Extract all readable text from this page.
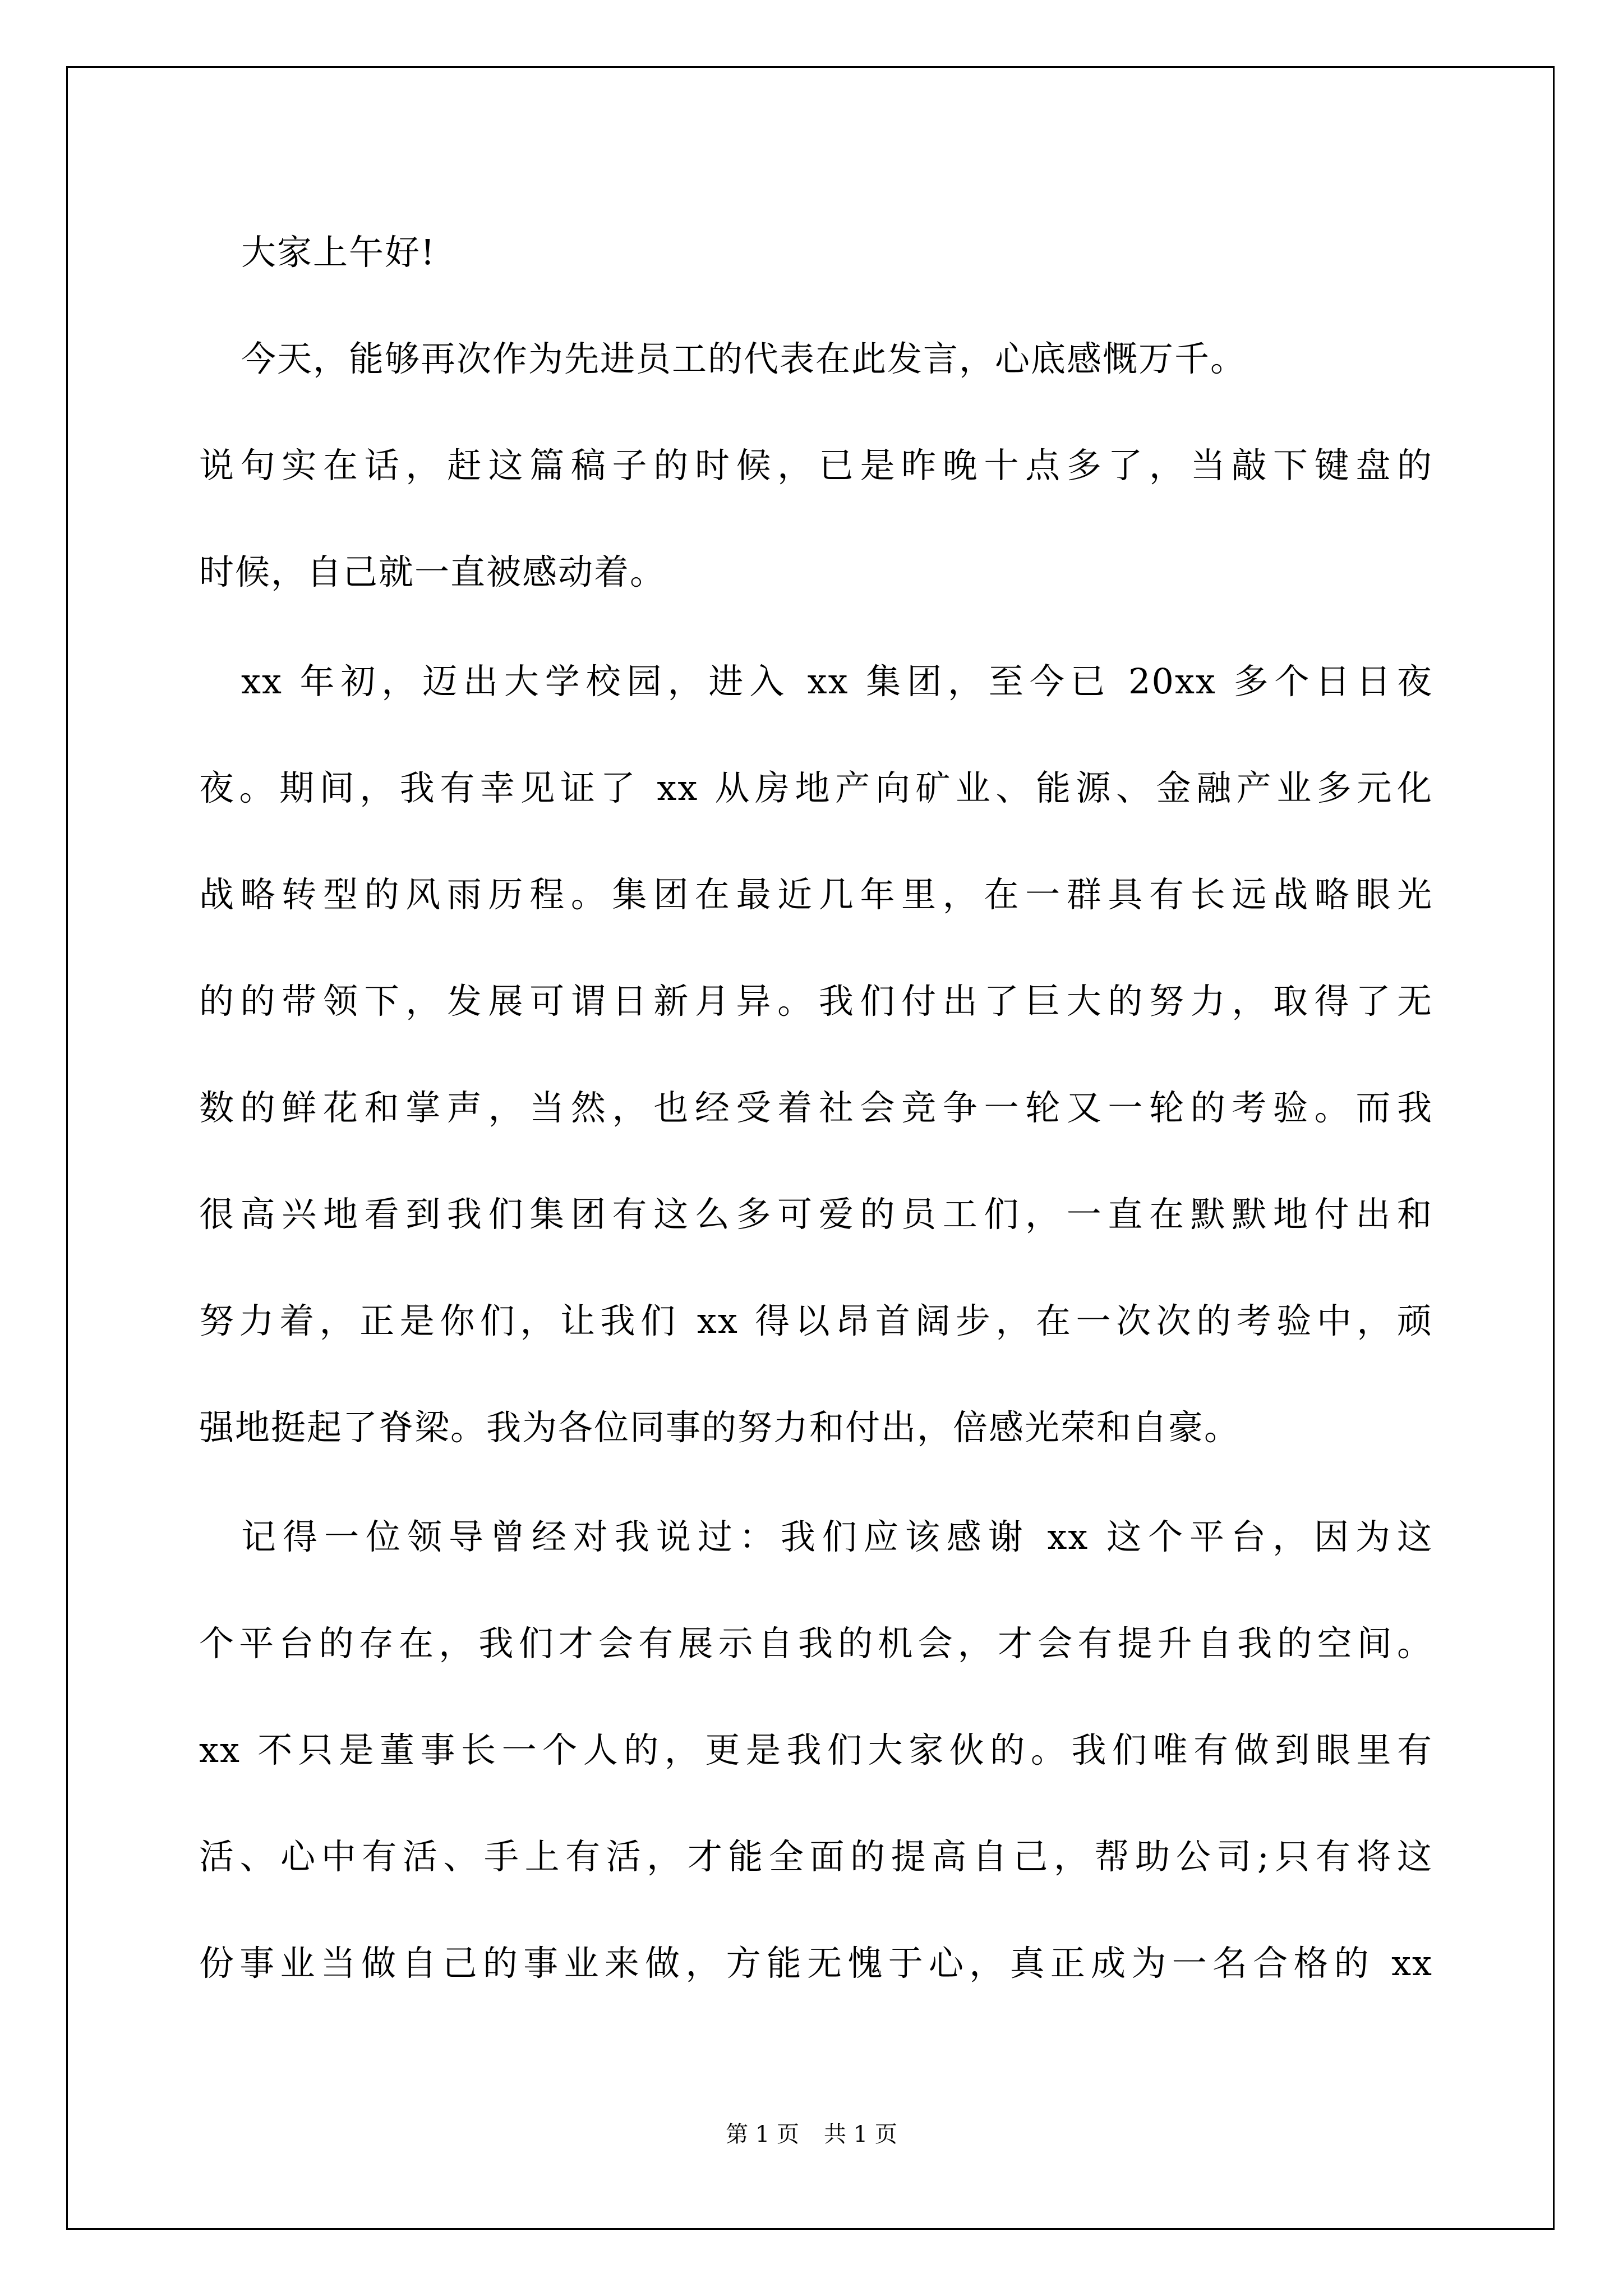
大家上午好!
今天，能够再次作为先进员工的代表在此发言，心底感慨万千。
说句实在话，赶这篇稿子的时候，已是昨晚十点多了，当敲下键盘的
时候，自己就一直被感动着。
xx 年初，迈出大学校园，进入 xx 集团，至今已 20xx 多个日日夜
夜。期间，我有幸见证了 xx 从房地产向矿业、能源、金融产业多元化
战略转型的风雨历程。集团在最近几年里，在一群具有长远战略眼光
的的带领下，发展可谓日新月异。我们付出了巨大的努力，取得了无
数的鲜花和掌声，当然，也经受着社会竞争一轮又一轮的考验。而我
很高兴地看到我们集团有这么多可爱的员工们，一直在默默地付出和
努力着，正是你们，让我们 xx 得以昂首阔步，在一次次的考验中，顽
强地挺起了脊梁。我为各位同事的努力和付出，倍感光荣和自豪。
记得一位领导曾经对我说过：我们应该感谢 xx 这个平台，因为这
个平台的存在，我们才会有展示自我的机会，才会有提升自我的空间。
xx 不只是董事长一个人的，更是我们大家伙的。我们唯有做到眼里有
活、心中有活、手上有活，才能全面的提高自己，帮助公司;只有将这
份事业当做自己的事业来做，方能无愧于心，真正成为一名合格的 xx
第 1 页 共 1 页
